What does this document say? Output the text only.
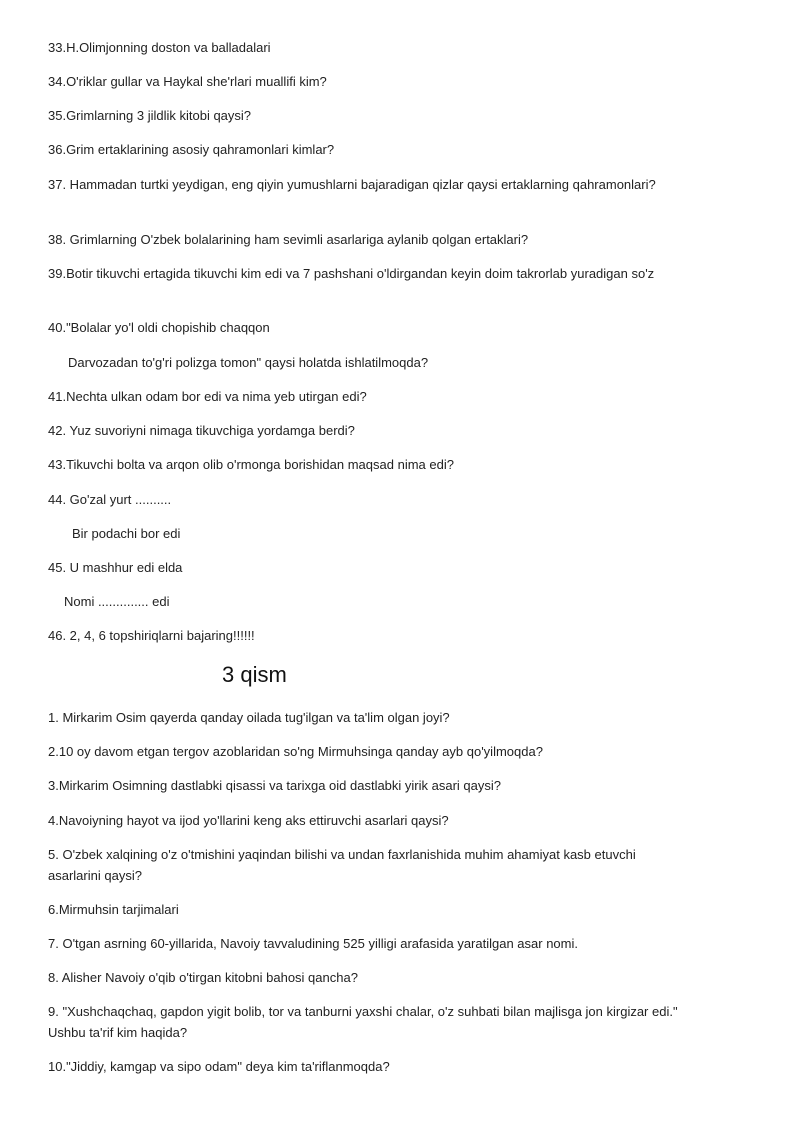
33.H.Olimjonning doston va balladalari
34.O'riklar gullar va Haykal she'rlari muallifi kim?
35.Grimlarning 3 jildlik kitobi qaysi?
36.Grim ertaklarining asosiy qahramonlari kimlar?
37. Hammadan turtki yeydigan, eng qiyin yumushlarni bajaradigan qizlar qaysi ertaklarning qahramonlari?
38. Grimlarning O'zbek bolalarining ham sevimli asarlariga aylanib qolgan ertaklari?
39.Botir tikuvchi ertagida tikuvchi kim edi va 7 pashshani o'ldirgandan keyin doim takrorlab yuradigan so'z
40."Bolalar yo'l oldi chopishib chaqqon
Darvozadan to'g'ri polizga tomon" qaysi holatda ishlatilmoqda?
41.Nechta ulkan odam bor edi va nima yeb utirgan edi?
42. Yuz suvoriyni nimaga tikuvchiga yordamga berdi?
43.Tikuvchi bolta va arqon olib o'rmonga borishidan maqsad nima edi?
44. Go'zal yurt ..........
Bir podachi bor edi
45. U mashhur edi elda
Nomi .............. edi
46. 2, 4, 6 topshiriqlarni bajaring!!!!!!
3 qism
1. Mirkarim Osim qayerda qanday oilada tug'ilgan va ta'lim olgan joyi?
2.10 oy davom etgan tergov azoblaridan so'ng Mirmuhsinga qanday ayb qo'yilmoqda?
3.Mirkarim Osimning dastlabki qisassi va tarixga oid dastlabki yirik asari qaysi?
4.Navoiyning hayot va ijod yo'llarini keng aks ettiruvchi asarlari qaysi?
5. O'zbek xalqining o'z o'tmishini yaqindan bilishi va undan faxrlanishida muhim ahamiyat kasb etuvchi asarlarini qaysi?
6.Mirmuhsin tarjimalari
7. O'tgan asrning 60-yillarida, Navoiy tavvaludining 525 yilligi arafasida yaratilgan asar nomi.
8. Alisher Navoiy o'qib o'tirgan kitobni bahosi qancha?
9. "Xushchaqchaq, gapdon yigit bolib, tor va tanburni yaxshi chalar, o'z suhbati bilan majlisga jon kirgizar edi." Ushbu ta'rif kim haqida?
10."Jiddiy, kamgap va sipo odam" deya kim ta'riflanmoqda?
